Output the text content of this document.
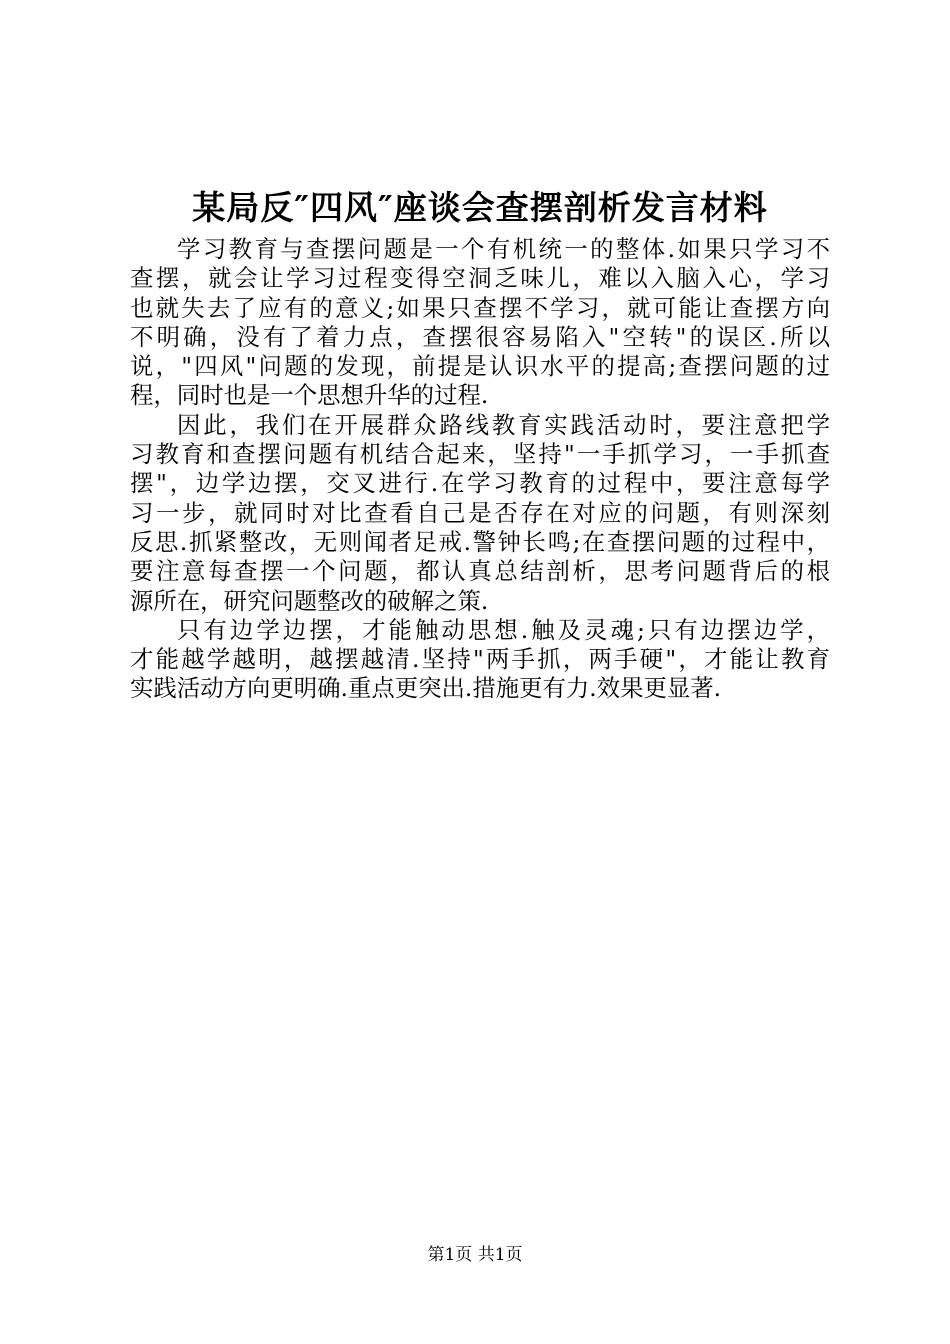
某局反″四风″座谈会查摆剖析发言材料
学习教育与查摆问题是一个有机统一的整体.如果只学习不
查摆，就会让学习过程变得空洞乏味儿，难以入脑入心，学习
也就失去了应有的意义;如果只查摆不学习，就可能让查摆方向
不明确，没有了着力点，查摆很容易陷入"空转"的误区.所以
说，"四风"问题的发现，前提是认识水平的提高;查摆问题的过
程，同时也是一个思想升华的过程.
因此，我们在开展群众路线教育实践活动时，要注意把学
习教育和查摆问题有机结合起来，坚持"一手抓学习，一手抓查
摆"，边学边摆，交叉进行.在学习教育的过程中，要注意每学
习一步，就同时对比查看自己是否存在对应的问题，有则深刻
反思.抓紧整改，无则闻者足戒.警钟长鸣;在查摆问题的过程中，
要注意每查摆一个问题，都认真总结剖析，思考问题背后的根
源所在，研究问题整改的破解之策.
只有边学边摆，才能触动思想.触及灵魂;只有边摆边学，
才能越学越明，越摆越清.坚持"两手抓，两手硬"，才能让教育
实践活动方向更明确.重点更突出.措施更有力.效果更显著.
第1页 共1页
